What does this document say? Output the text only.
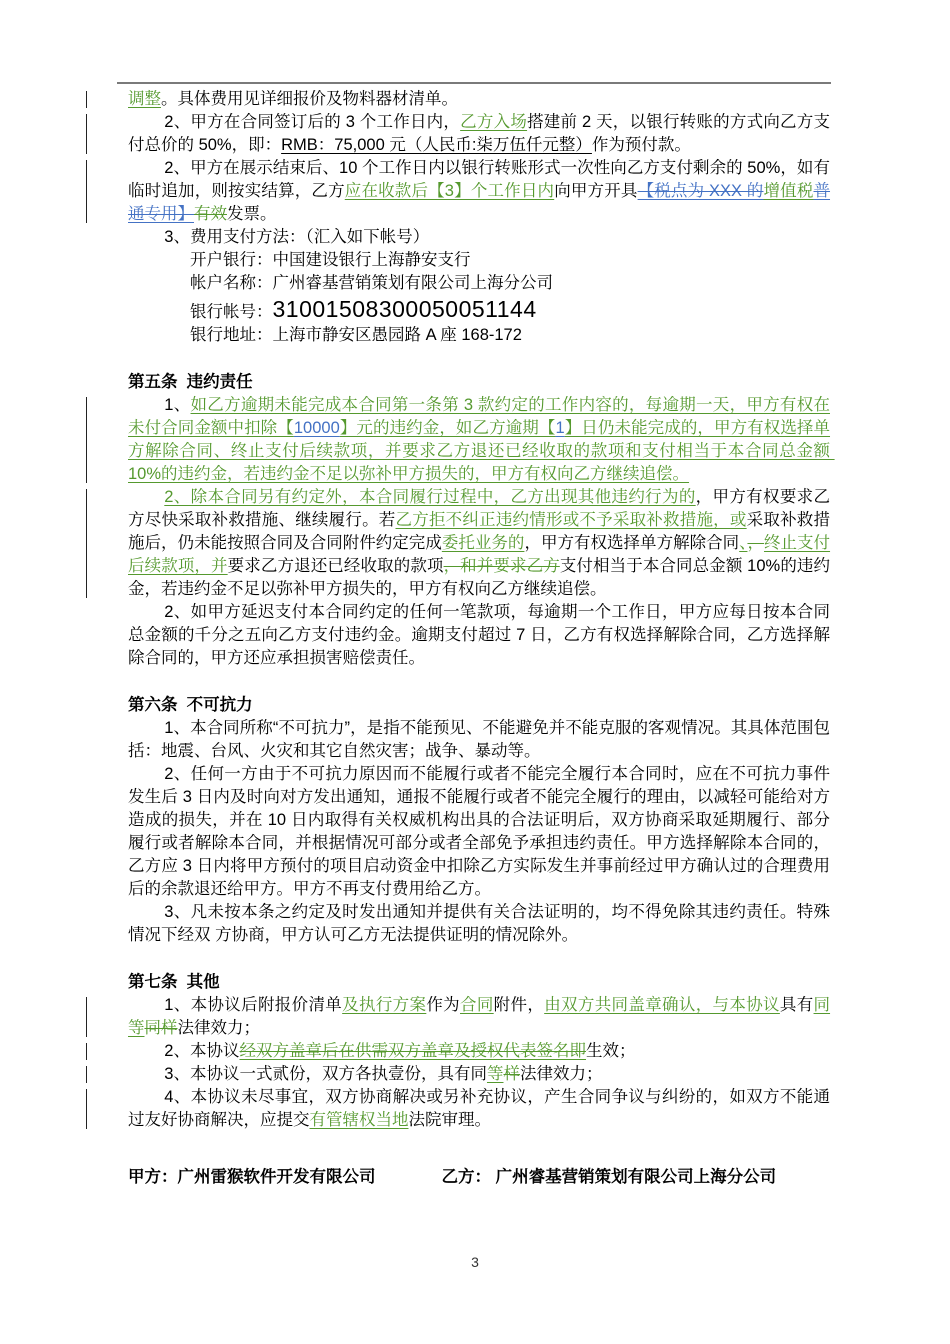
调整。具体费用见详细报价及物料器材清单。

2、甲方在合同签订后的 3 个工作日内，乙方入场搭建前 2 天，以银行转账的方式向乙方支付总价的 50%，即：RMB：75,000 元（人民币:柒万伍仟元整）作为预付款。

2、甲方在展示结束后、10 个工作日内以银行转账形式一次性向乙方支付剩余的 50%，如有临时追加，则按实结算，乙方应在收款后【3】个工作日内向甲方开具【税点为 XXX 的增值税普通专用】有效发票。

3、费用支付方法：（汇入如下帐号）

开户银行：中国建设银行上海静安支行

帐户名称：广州睿基营销策划有限公司上海分公司

银行帐号：31001508300050051144

银行地址：上海市静安区愚园路 A 座 168-172

第五条  违约责任

1、如乙方逾期未能完成本合同第一条第 3 款约定的工作内容的，每逾期一天，甲方有权在未付合同金额中扣除【10000】元的违约金，如乙方逾期【1】日仍未能完成的，甲方有权选择单方解除合同、终止支付后续款项，并要求乙方退还已经收取的款项和支付相当于本合同总金额 10%的违约金，若违约金不足以弥补甲方损失的，甲方有权向乙方继续追偿。

2、除本合同另有约定外，本合同履行过程中，乙方出现其他违约行为的，甲方有权要求乙方尽快采取补救措施、继续履行。若乙方拒不纠正违约情形或不予采取补救措施，或采取补救措施后，仍未能按照合同及合同附件约定完成委托业务的，甲方有权选择单方解除合同、，终止支付后续款项，并要求乙方退还已经收取的款项，和并要求乙方支付相当于本合同总金额 10%的违约金，若违约金不足以弥补甲方损失的，甲方有权向乙方继续追偿。

2、如甲方延迟支付本合同约定的任何一笔款项，每逾期一个工作日，甲方应每日按本合同总金额的千分之五向乙方支付违约金。逾期支付超过 7 日，乙方有权选择解除合同，乙方选择解除合同的，甲方还应承担损害赔偿责任。

第六条  不可抗力

1、本合同所称“不可抗力”，是指不能预见、不能避免并不能克服的客观情况。其具体范围包括：地震、台风、火灾和其它自然灾害；战争、暴动等。

2、任何一方由于不可抗力原因而不能履行或者不能完全履行本合同时，应在不可抗力事件发生后 3 日内及时向对方发出通知，通报不能履行或者不能完全履行的理由，以减轻可能给对方造成的损失，并在 10 日内取得有关权威机构出具的合法证明后，双方协商采取延期履行、部分履行或者解除本合同，并根据情况可部分或者全部免予承担违约责任。甲方选择解除本合同的，乙方应 3 日内将甲方预付的项目启动资金中扣除乙方实际发生并事前经过甲方确认过的合理费用后的余款退还给甲方。甲方不再支付费用给乙方。

3、凡未按本条之约定及时发出通知并提供有关合法证明的，均不得免除其违约责任。特殊情况下经双 方协商，甲方认可乙方无法提供证明的情况除外。

第七条  其他

1、本协议后附报价清单及执行方案作为合同附件，由双方共同盖章确认，与本协议具有同等同样法律效力；

2、本协议经双方盖章后在供需双方盖章及授权代表签名即生效；

3、本协议一式贰份，双方各执壹份，具有同等样法律效力；

4、本协议未尽事宜，双方协商解决或另补充协议，产生合同争议与纠纷的，如双方不能通过友好协商解决，应提交有管辖权当地法院审理。

甲方：广州雷猴软件开发有限公司	乙方： 广州睿基营销策划有限公司上海分公司
3
